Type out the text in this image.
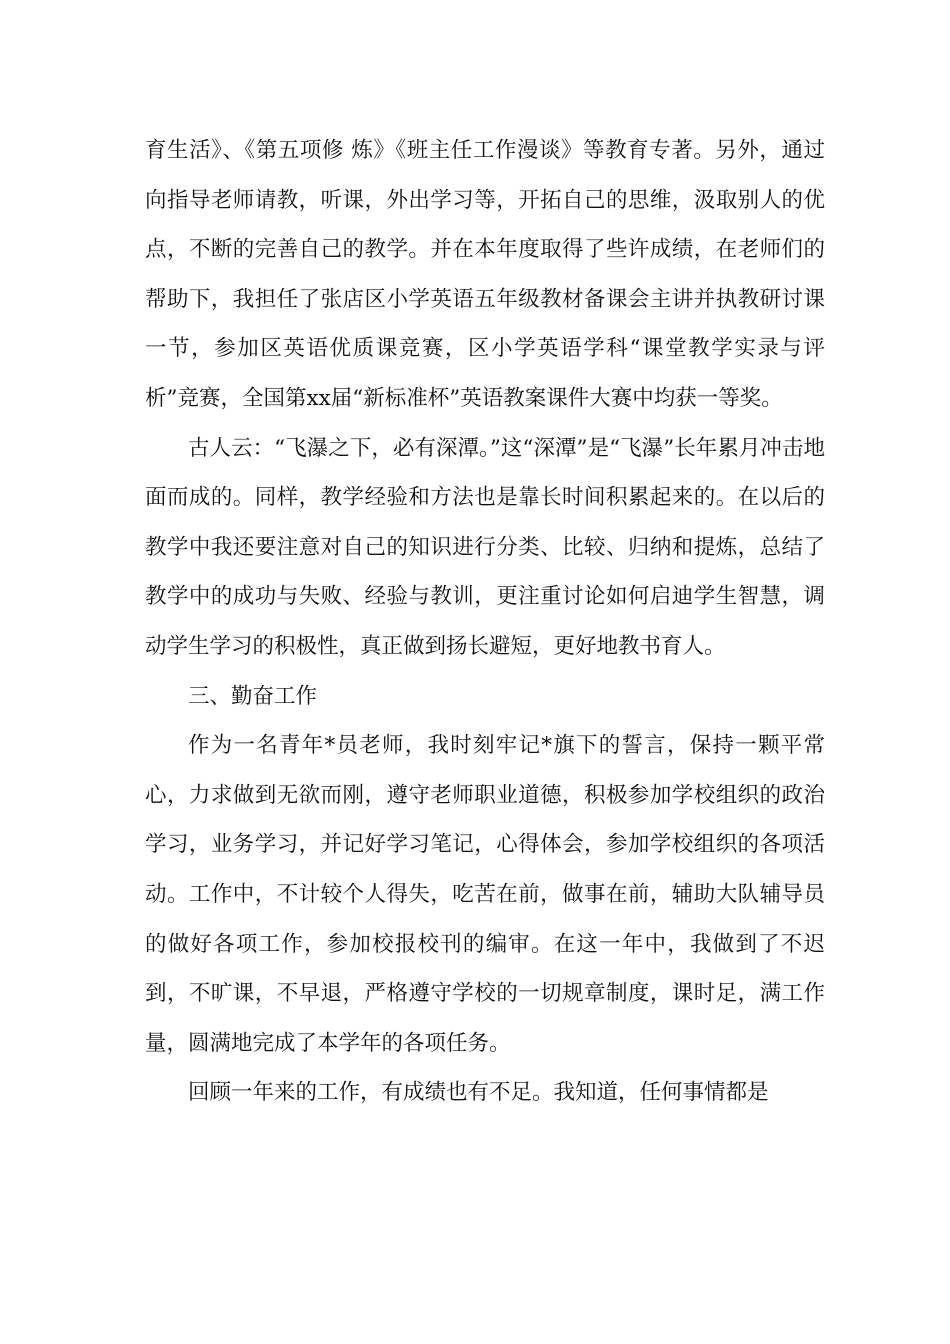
育生活》、《第五项修 炼》《班主任工作漫谈》等教育专著。另外，通过向指导老师请教，听课，外出学习等，开拓自己的思维，汲取别人的优点，不断的完善自己的教学。并在本年度取得了些许成绩，在老师们的帮助下，我担任了张店区小学英语五年级教材备课会主讲并执教研讨课一节，参加区英语优质课竞赛，区小学英语学科“课堂教学实录与评析”竞赛，全国第xx届“新标准杯”英语教案课件大赛中均获一等奖。

古人云：“飞瀑之下，必有深潭。”这“深潭”是“飞瀑”长年累月冲击地面而成的。同样，教学经验和方法也是靠长时间积累起来的。在以后的教学中我还要注意对自己的知识进行分类、比较、归纳和提炼，总结了教学中的成功与失败、经验与教训，更注重讨论如何启迪学生智慧，调动学生学习的积极性，真正做到扬长避短，更好地教书育人。

三、勤奋工作

作为一名青年*员老师，我时刻牢记*旗下的誓言，保持一颗平常心，力求做到无欲而刚，遵守老师职业道德，积极参加学校组织的政治学习，业务学习，并记好学习笔记，心得体会，参加学校组织的各项活动。工作中，不计较个人得失，吃苦在前，做事在前，辅助大队辅导员的做好各项工作，参加校报校刊的编审。在这一年中，我做到了不迟到，不旷课，不早退，严格遵守学校的一切规章制度，课时足，满工作量，圆满地完成了本学年的各项任务。

回顾一年来的工作，有成绩也有不足。我知道，任何事情都是
